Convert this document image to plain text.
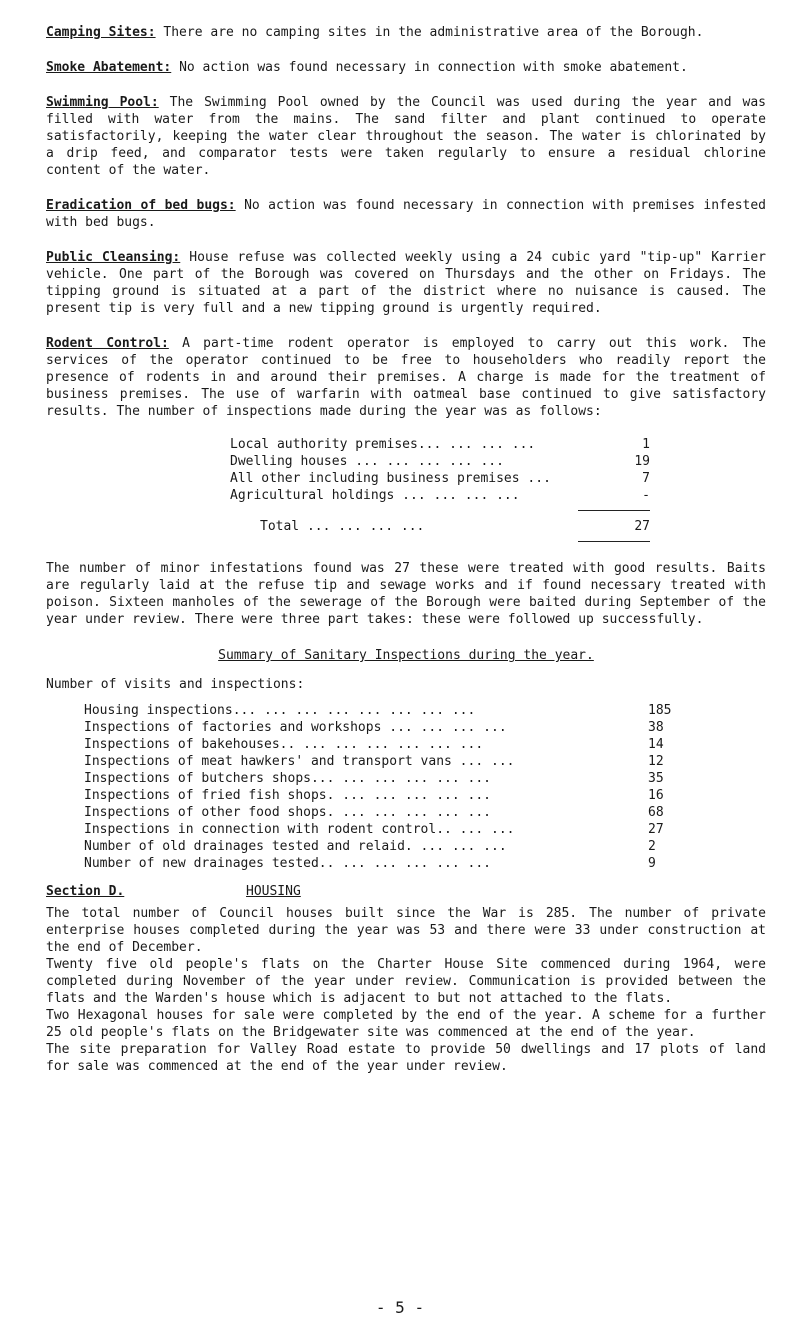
Camping Sites: There are no camping sites in the administrative area of the Borough.

Smoke Abatement: No action was found necessary in connection with smoke abatement.

Swimming Pool: The Swimming Pool owned by the Council was used during the year and was filled with water from the mains. The sand filter and plant continued to operate satisfactorily, keeping the water clear throughout the season. The water is chlorinated by a drip feed, and comparator tests were taken regularly to ensure a residual chlorine content of the water.

Eradication of bed bugs: No action was found necessary in connection with premises infested with bed bugs.

Public Cleansing: House refuse was collected weekly using a 24 cubic yard "tip-up" Karrier vehicle. One part of the Borough was covered on Thursdays and the other on Fridays. The tipping ground is situated at a part of the district where no nuisance is caused. The present tip is very full and a new tipping ground is urgently required.

Rodent Control: A part-time rodent operator is employed to carry out this work. The services of the operator continued to be free to householders who readily report the presence of rodents in and around their premises. A charge is made for the treatment of business premises. The use of warfarin with oatmeal base continued to give satisfactory results. The number of inspections made during the year was as follows:

Local authority premises... ... ... ...	1
Dwelling houses ... ... ... ... ...	19
All other including business premises ...	7
Agricultural holdings ... ... ... ...	-
Total ... ... ... ...	27

The number of minor infestations found was 27 these were treated with good results. Baits are regularly laid at the refuse tip and sewage works and if found necessary treated with poison. Sixteen manholes of the sewerage of the Borough were baited during September of the year under review. There were three part takes: these were followed up successfully.

Summary of Sanitary Inspections during the year.
Number of visits and inspections:
Housing inspections... ... ... ... ... ... ... ...	185
Inspections of factories and workshops ... ... ... ...	38
Inspections of bakehouses.. ... ... ... ... ... ...	14
Inspections of meat hawkers' and transport vans ... ...	12
Inspections of butchers shops... ... ... ... ... ...	35
Inspections of fried fish shops. ... ... ... ... ...	16
Inspections of other food shops. ... ... ... ... ...	68
Inspections in connection with rodent control.. ... ...	27
Number of old drainages tested and relaid. ... ... ...	2
Number of new drainages tested.. ... ... ... ... ...	9
Section D.	HOUSING

The total number of Council houses built since the War is 285. The number of private enterprise houses completed during the year was 53 and there were 33 under construction at the end of December.

Twenty five old people's flats on the Charter House Site commenced during 1964, were completed during November of the year under review. Communication is provided between the flats and the Warden's house which is adjacent to but not attached to the flats.

Two Hexagonal houses for sale were completed by the end of the year. A scheme for a further 25 old people's flats on the Bridgewater site was commenced at the end of the year.

The site preparation for Valley Road estate to provide 50 dwellings and 17 plots of land for sale was commenced at the end of the year under review.

- 5 -
